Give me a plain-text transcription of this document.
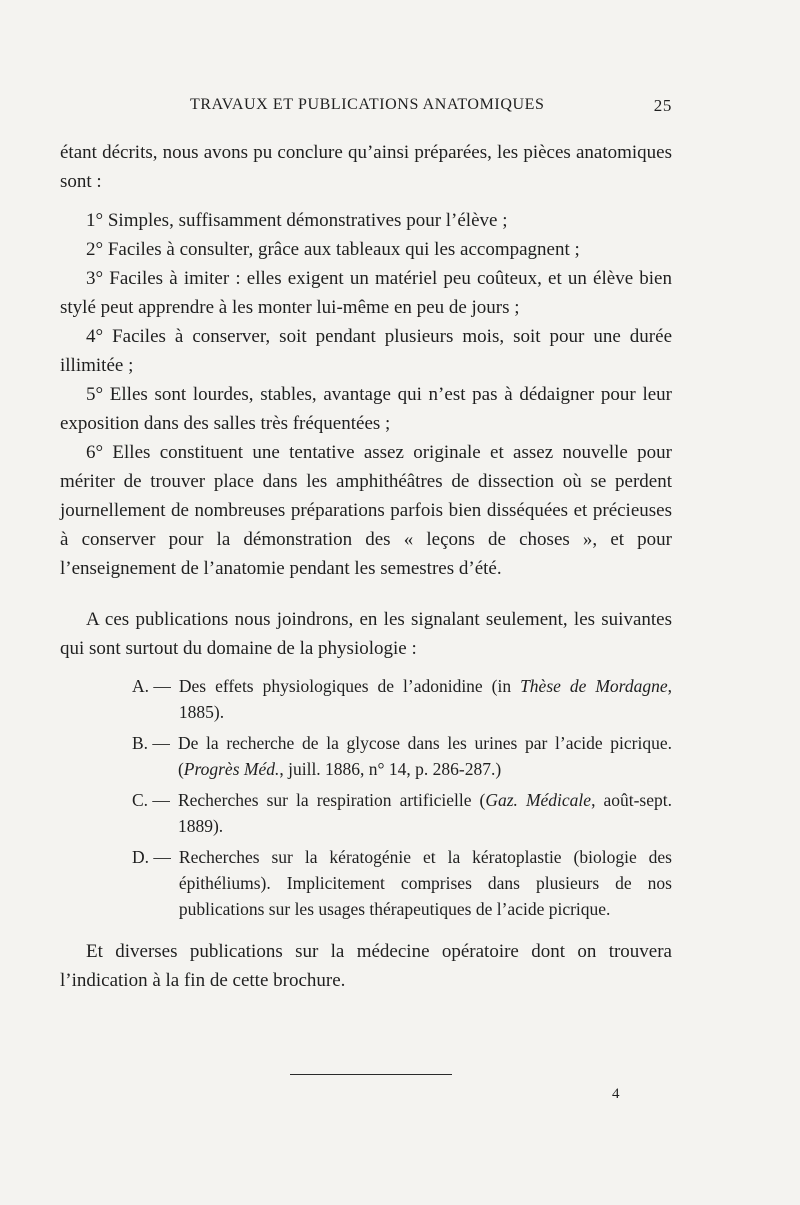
TRAVAUX ET PUBLICATIONS ANATOMIQUES	25

étant décrits, nous avons pu conclure qu’ainsi préparées, les pièces anatomiques sont :

1° Simples, suffisamment démonstratives pour l’élève ;

2° Faciles à consulter, grâce aux tableaux qui les accompagnent ;

3° Faciles à imiter : elles exigent un matériel peu coûteux, et un élève bien stylé peut apprendre à les monter lui-même en peu de jours ;

4° Faciles à conserver, soit pendant plusieurs mois, soit pour une durée illimitée ;

5° Elles sont lourdes, stables, avantage qui n’est pas à dédaigner pour leur exposition dans des salles très fréquentées ;

6° Elles constituent une tentative assez originale et assez nouvelle pour mériter de trouver place dans les amphithéâtres de dissection où se perdent journellement de nombreuses préparations parfois bien disséquées et précieuses à conserver pour la démonstration des « leçons de choses », et pour l’enseignement de l’anatomie pendant les semestres d’été.

A ces publications nous joindrons, en les signalant seulement, les suivantes qui sont surtout du domaine de la physiologie :

A. — Des effets physiologiques de l’adonidine (in Thèse de Mordagne, 1885).
B. — De la recherche de la glycose dans les urines par l’acide picrique. (Progrès Méd., juill. 1886, n° 14, p. 286-287.)
C. — Recherches sur la respiration artificielle (Gaz. Médicale, août-sept. 1889).
D. — Recherches sur la kératogénie et la kératoplastie (biologie des épithéliums). Implicitement comprises dans plusieurs de nos publications sur les usages thérapeutiques de l’acide picrique.

Et diverses publications sur la médecine opératoire dont on trouvera l’indication à la fin de cette brochure.

4
